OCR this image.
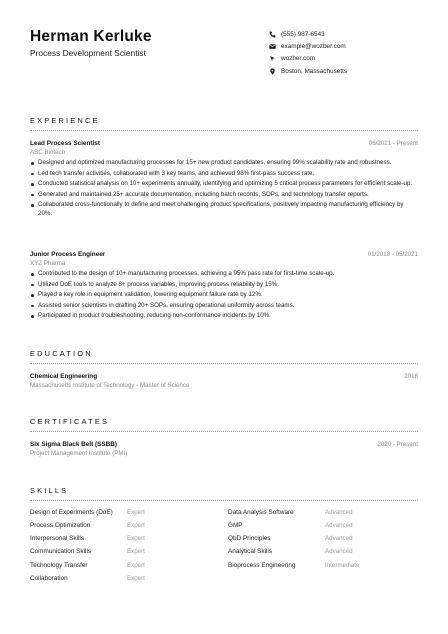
Herman Kerluke
Process Development Scientist
(555) 987-6543
example@wozber.com
wozber.com
Boston, Massachusetts
EXPERIENCE
Lead Process Scientist	06/2021 - Present
ABC Biotech
Designed and optimized manufacturing processes for 15+ new product candidates, ensuring 99% scalability rate and robustness.
Led tech transfer activities, collaborated with 3 key teams, and achieved 98% first-pass success rate.
Conducted statistical analysis on 10+ experiments annually, identifying and optimizing 5 critical process parameters for efficient scale-up.
Generated and maintained 25+ accurate documentation, including batch records, SOPs, and technology transfer reports.
Collaborated cross-functionally to define and meet challenging product specifications, positively impacting manufacturing efficiency by 20%.
Junior Process Engineer	01/2018 - 05/2021
XYZ Pharma
Contributed to the design of 10+ manufacturing processes, achieving a 95% pass rate for first-time scale-up.
Utilized DoE tools to analyze 8+ process variables, improving process reliability by 15%.
Played a key role in equipment validation, lowering equipment failure rate by 12%.
Assisted senior scientists in drafting 20+ SOPs, ensuring operational uniformity across teams.
Participated in product troubleshooting, reducing non-conformance incidents by 10%.
EDUCATION
Chemical Engineering	2018
Massachusetts Institute of Technology - Master of Science
CERTIFICATES
Six Sigma Black Belt (SSBB)	2020 - Present
Project Management Institute (PMI)
SKILLS
Design of Experiments (DoE) Expert	Data Analysis Software	Advanced
Process Optimization	Expert	GMP	Advanced
Interpersonal Skills	Expert	QbD Principles	Advanced
Communication Skills	Expert	Analytical Skills	Advanced
Technology Transfer	Expert	Bioprocess Engineering	Intermediate
Collaboration	Expert
